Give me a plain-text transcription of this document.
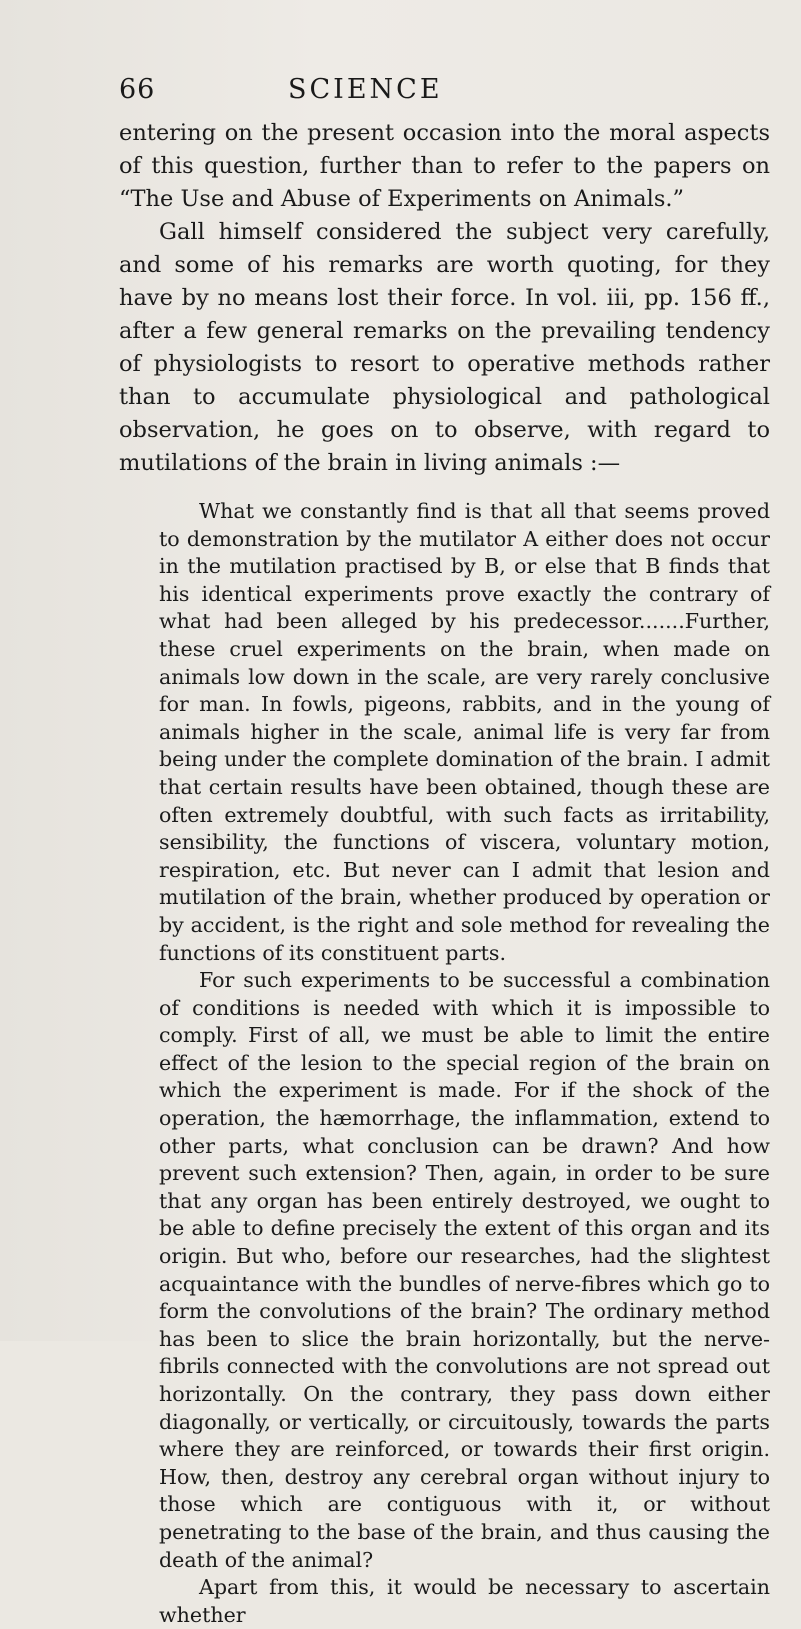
66	SCIENCE

entering on the present occasion into the moral aspects of this question, further than to refer to the papers on “The Use and Abuse of Experiments on Animals.”

Gall himself considered the subject very carefully, and some of his remarks are worth quoting, for they have by no means lost their force. In vol. iii, pp. 156 ff., after a few general remarks on the prevailing tendency of physiologists to resort to operative methods rather than to accumulate physiological and pathological observation, he goes on to observe, with regard to mutilations of the brain in living animals :—

What we constantly find is that all that seems proved to demonstration by the mutilator A either does not occur in the mutilation practised by B, or else that B finds that his identical experiments prove exactly the contrary of what had been alleged by his predecessor.......Further, these cruel experiments on the brain, when made on animals low down in the scale, are very rarely conclusive for man. In fowls, pigeons, rabbits, and in the young of animals higher in the scale, animal life is very far from being under the complete domination of the brain. I admit that certain results have been obtained, though these are often extremely doubtful, with such facts as irritability, sensibility, the functions of viscera, voluntary motion, respiration, etc. But never can I admit that lesion and mutilation of the brain, whether produced by operation or by accident, is the right and sole method for revealing the functions of its constituent parts.

For such experiments to be successful a combination of conditions is needed with which it is impossible to comply. First of all, we must be able to limit the entire effect of the lesion to the special region of the brain on which the experiment is made. For if the shock of the operation, the hæmorrhage, the inflammation, extend to other parts, what conclusion can be drawn? And how prevent such extension? Then, again, in order to be sure that any organ has been entirely destroyed, we ought to be able to define precisely the extent of this organ and its origin. But who, before our researches, had the slightest acquaintance with the bundles of nerve-fibres which go to form the convolutions of the brain? The ordinary method has been to slice the brain horizontally, but the nerve-fibrils connected with the convolutions are not spread out horizontally. On the contrary, they pass down either diagonally, or vertically, or circuitously, towards the parts where they are reinforced, or towards their first origin. How, then, destroy any cerebral organ without injury to those which are contiguous with it, or without penetrating to the base of the brain, and thus causing the death of the animal?

Apart from this, it would be necessary to ascertain whether
